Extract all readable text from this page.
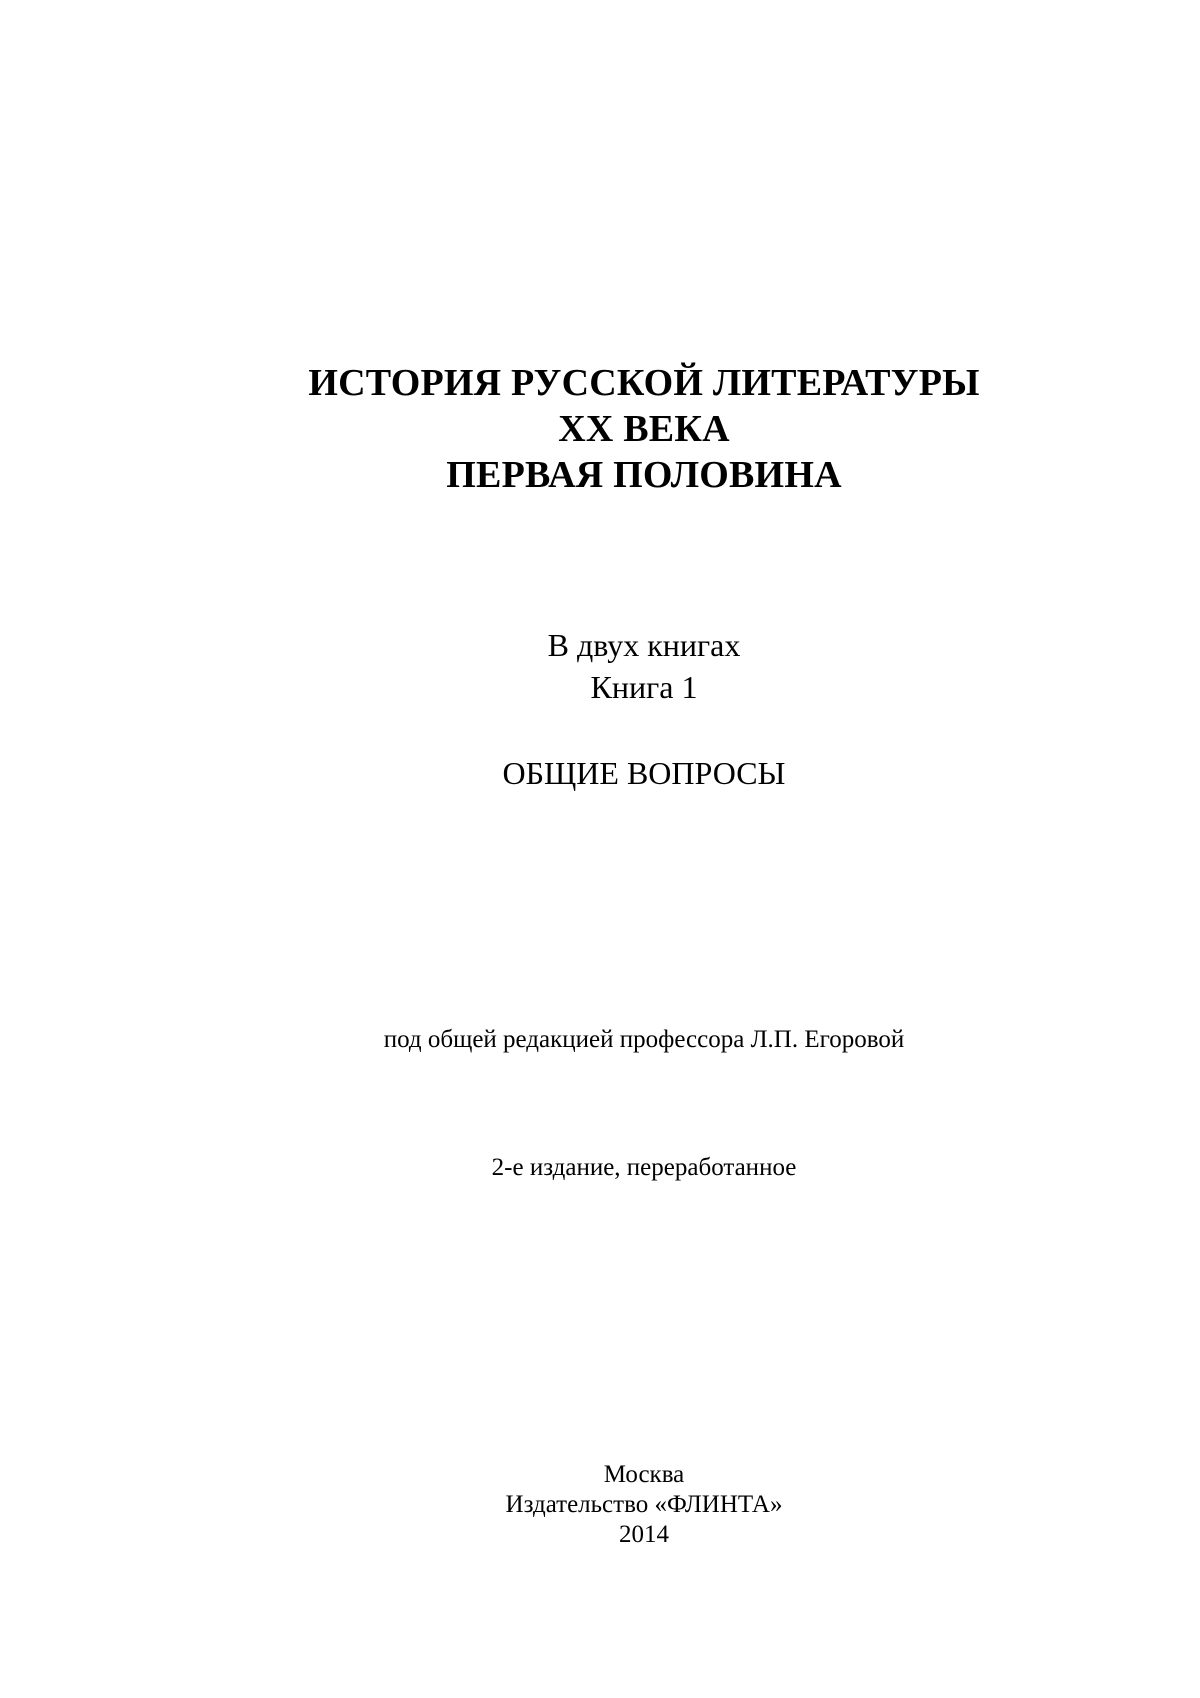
ИСТОРИЯ РУССКОЙ ЛИТЕРАТУРЫ
XX ВЕКА
ПЕРВАЯ ПОЛОВИНА
В двух книгах
Книга 1
ОБЩИЕ ВОПРОСЫ
под общей редакцией профессора Л.П. Егоровой
2-е издание, переработанное
Москва
Издательство «ФЛИНТА»
2014
